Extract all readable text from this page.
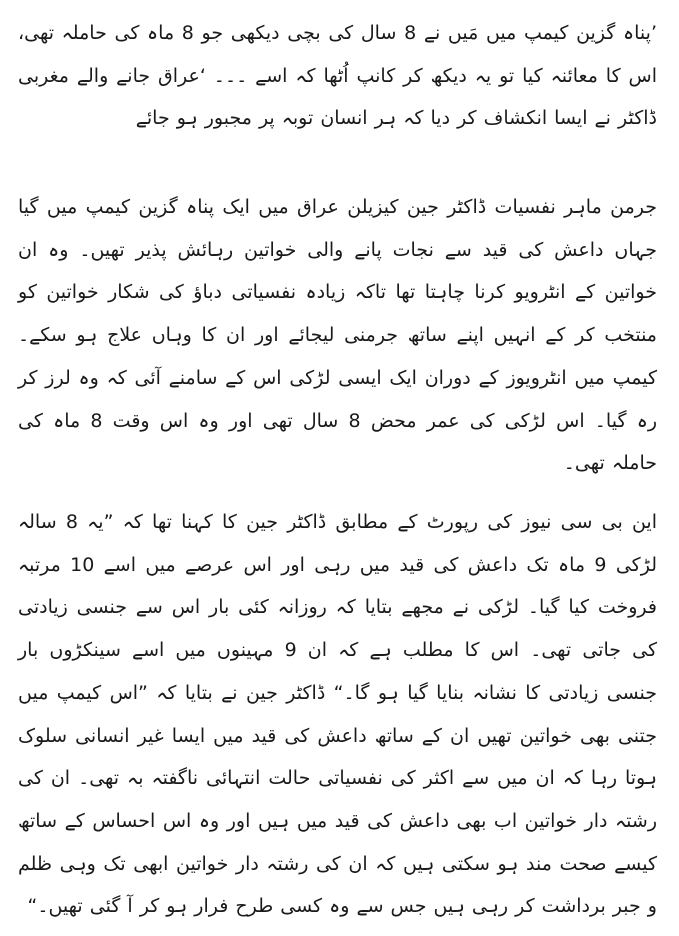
’پناہ گزین کیمپ میں مَیں نے 8 سال کی بچی دیکھی جو 8 ماہ کی حاملہ تھی، اس کا معائنہ کیا تو یہ دیکھ کر کانپ اُٹھا کہ اسے ۔۔۔ ‘عراق جانے والے مغربی ڈاکٹر نے ایسا انکشاف کر دیا کہ ہر انسان توبہ پر مجبور ہو جائے

جرمن ماہر نفسیات ڈاکٹر جین کیزیلن عراق میں ایک پناہ گزین کیمپ میں گیا جہاں داعش کی قید سے نجات پانے والی خواتین رہائش پذیر تھیں۔ وہ ان خواتین کے انٹرویو کرنا چاہتا تھا تاکہ زیادہ نفسیاتی دباؤ کی شکار خواتین کو منتخب کر کے انہیں اپنے ساتھ جرمنی لیجائے اور ان کا وہاں علاج ہو سکے۔ کیمپ میں انٹرویوز کے دوران ایک ایسی لڑکی اس کے سامنے آئی کہ وہ لرز کر رہ گیا۔ اس لڑکی کی عمر محض 8 سال تھی اور وہ اس وقت 8 ماہ کی حاملہ تھی۔

این بی سی نیوز کی رپورٹ کے مطابق ڈاکٹر جین کا کہنا تھا کہ ”یہ 8 سالہ لڑکی 9 ماہ تک داعش کی قید میں رہی اور اس عرصے میں اسے 10 مرتبہ فروخت کیا گیا۔ لڑکی نے مجھے بتایا کہ روزانہ کئی بار اس سے جنسی زیادتی کی جاتی تھی۔ اس کا مطلب ہے کہ ان 9 مہینوں میں اسے سینکڑوں بار جنسی زیادتی کا نشانہ بنایا گیا ہو گا۔“ ڈاکٹر جین نے بتایا کہ ”اس کیمپ میں جتنی بھی خواتین تھیں ان کے ساتھ داعش کی قید میں ایسا غیر انسانی سلوک ہوتا رہا کہ ان میں سے اکثر کی نفسیاتی حالت انتہائی ناگفتہ بہ تھی۔ ان کی رشتہ دار خواتین اب بھی داعش کی قید میں ہیں اور وہ اس احساس کے ساتھ کیسے صحت مند ہو سکتی ہیں کہ ان کی رشتہ دار خواتین ابھی تک وہی ظلم و جبر برداشت کر رہی ہیں جس سے وہ کسی طرح فرار ہو کر آ گئی تھیں۔“
